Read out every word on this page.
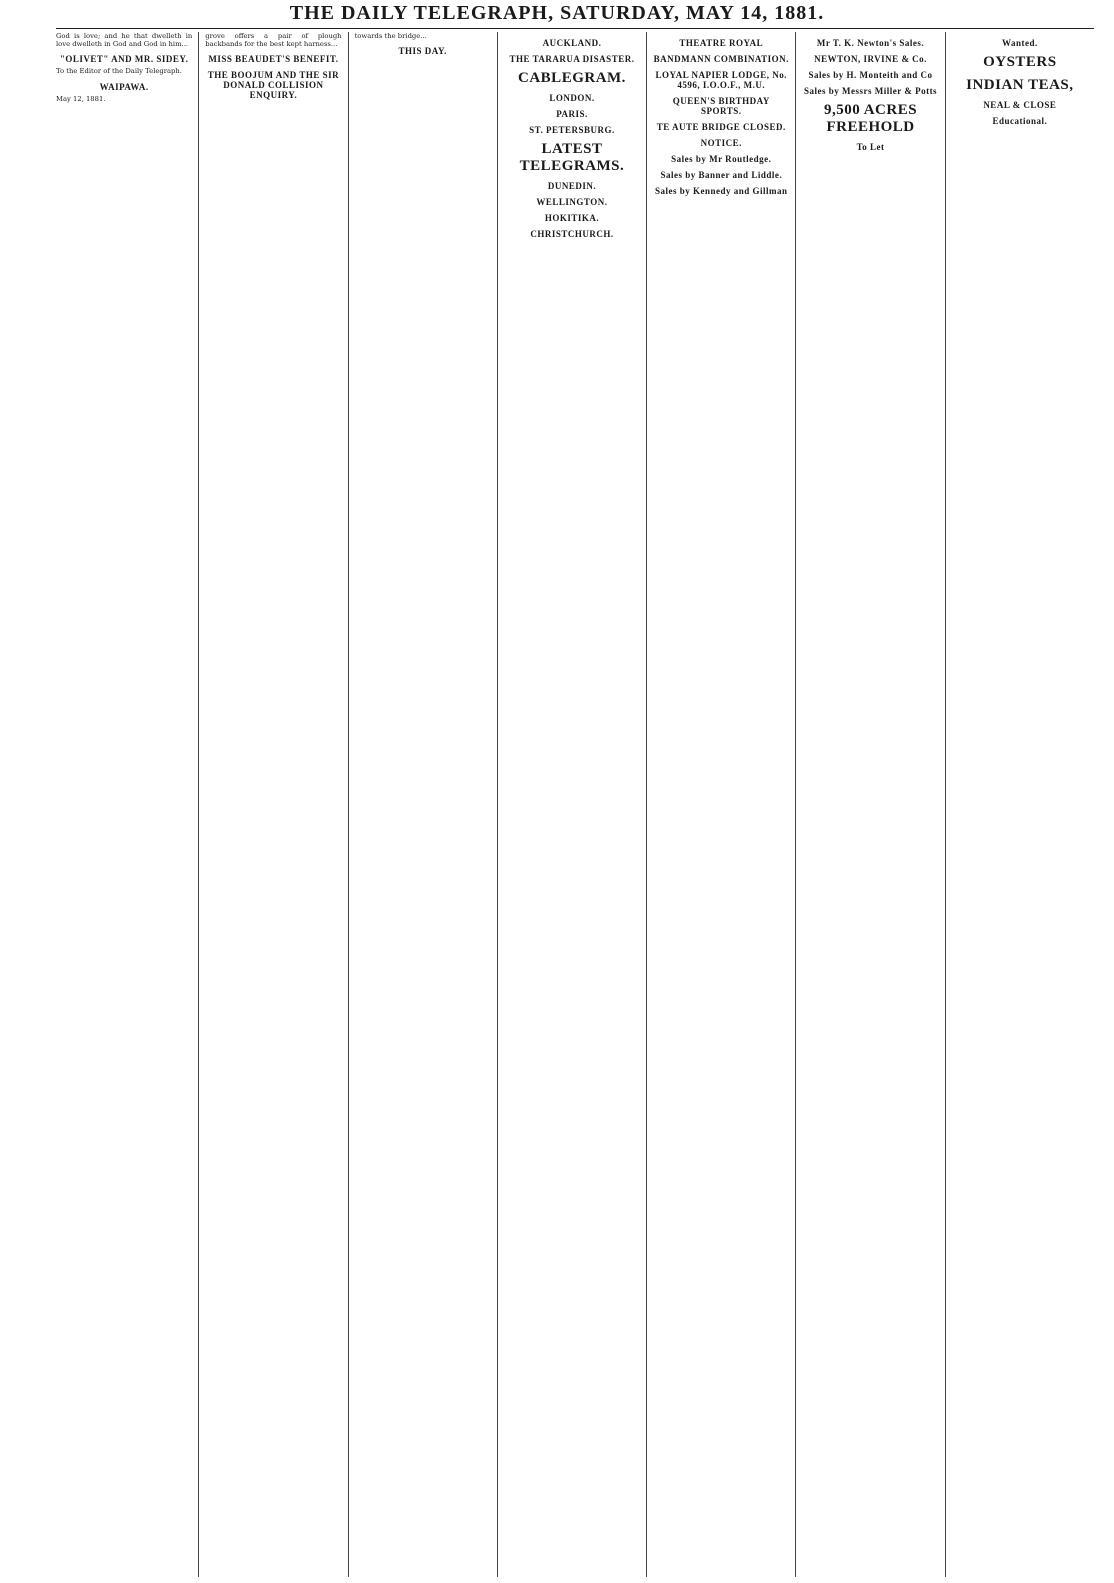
THE DAILY TELEGRAPH, SATURDAY, MAY 14, 1881.
God is love; and he that dwelleth in love dwelleth in God and God in him...
"OLIVET" AND MR. SIDEY.
To the Editor of the Daily Telegraph.
WAIPAWA.
May 12, 1881.
grove offers a pair of plough backbands for the best kept harness...
MISS BEAUDET'S BENEFIT.
THE BOOJUM AND THE SIR DONALD COLLISION ENQUIRY.
towards the bridge...
THIS DAY.
AUCKLAND.
THE TARARUA DISASTER.
CABLEGRAM.
LONDON.
PARIS.
ST. PETERSBURG.
LATEST TELEGRAMS.
DUNEDIN.
WELLINGTON.
HOKITIKA.
CHRISTCHURCH.
THEATRE ROYAL
BANDMANN COMBINATION.
LOYAL NAPIER LODGE, No. 4596, I.O.O.F., M.U.
QUEEN'S BIRTHDAY SPORTS.
TE AUTE BRIDGE CLOSED.
NOTICE.
Sales by Mr Routledge.
Sales by Banner and Liddle.
Sales by Kennedy and Gillman
Mr T. K. Newton's Sales.
NEWTON, IRVINE & Co.
Sales by H. Monteith and Co
Sales by Messrs Miller & Potts
9,500 ACRES FREEHOLD
To Let
Wanted.
OYSTERS
INDIAN TEAS,
NEAL & CLOSE
Educational.
